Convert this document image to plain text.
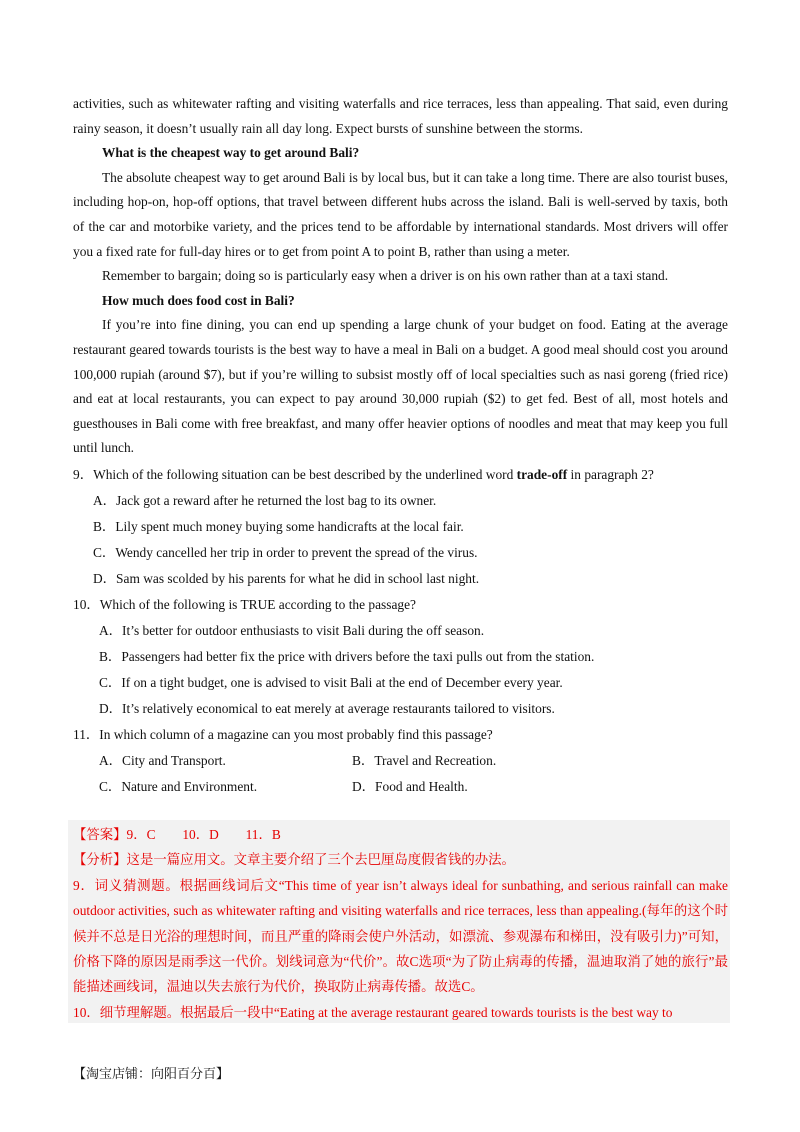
activities, such as whitewater rafting and visiting waterfalls and rice terraces, less than appealing. That said, even during rainy season, it doesn’t usually rain all day long. Expect bursts of sunshine between the storms.

What is the cheapest way to get around Bali?

The absolute cheapest way to get around Bali is by local bus, but it can take a long time. There are also tourist buses, including hop-on, hop-off options, that travel between different hubs across the island. Bali is well-served by taxis, both of the car and motorbike variety, and the prices tend to be affordable by international standards. Most drivers will offer you a fixed rate for full-day hires or to get from point A to point B, rather than using a meter.

Remember to bargain; doing so is particularly easy when a driver is on his own rather than at a taxi stand.

How much does food cost in Bali?

If you’re into fine dining, you can end up spending a large chunk of your budget on food. Eating at the average restaurant geared towards tourists is the best way to have a meal in Bali on a budget. A good meal should cost you around 100,000 rupiah (around $7), but if you’re willing to subsist mostly off of local specialties such as nasi goreng (fried rice) and eat at local restaurants, you can expect to pay around 30,000 rupiah ($2) to get fed. Best of all, most hotels and guesthouses in Bali come with free breakfast, and many offer heavier options of noodles and meat that may keep you full until lunch.

9．Which of the following situation can be best described by the underlined word trade-off in paragraph 2?

A．Jack got a reward after he returned the lost bag to its owner.

B．Lily spent much money buying some handicrafts at the local fair.

C．Wendy cancelled her trip in order to prevent the spread of the virus.

D．Sam was scolded by his parents for what he did in school last night.

10．Which of the following is TRUE according to the passage?

A．It’s better for outdoor enthusiasts to visit Bali during the off season.

B．Passengers had better fix the price with drivers before the taxi pulls out from the station.

C．If on a tight budget, one is advised to visit Bali at the end of December every year.

D．It’s relatively economical to eat merely at average restaurants tailored to visitors.

11．In which column of a magazine can you most probably find this passage?

A．City and Transport.	B．Travel and Recreation.
C．Nature and Environment.	D．Food and Health.

【答案】9．C　　10．D　　11．B

【分析】这是一篇应用文。文章主要介绍了三个去巴厘岛度假省钱的办法。

9．词义猜测题。根据画线词后文“This time of year isn’t always ideal for sunbathing, and serious rainfall can make outdoor activities, such as whitewater rafting and visiting waterfalls and rice terraces, less than appealing.(每年的这个时候并不总是日光浴的理想时间，而且严重的降雨会使户外活动，如漂流、参观瀑布和梯田，没有吸引力)”可知，价格下降的原因是雨季这一代价。划线词意为“代价”。故C选项“为了防止病毒的传播，温迪取消了她的旅行”最能描述画线词，温迪以失去旅行为代价，换取防止病毒传播。故选C。

10．细节理解题。根据最后一段中“Eating at the average restaurant geared towards tourists is the best way to

【淘宝店铺：向阳百分百】
